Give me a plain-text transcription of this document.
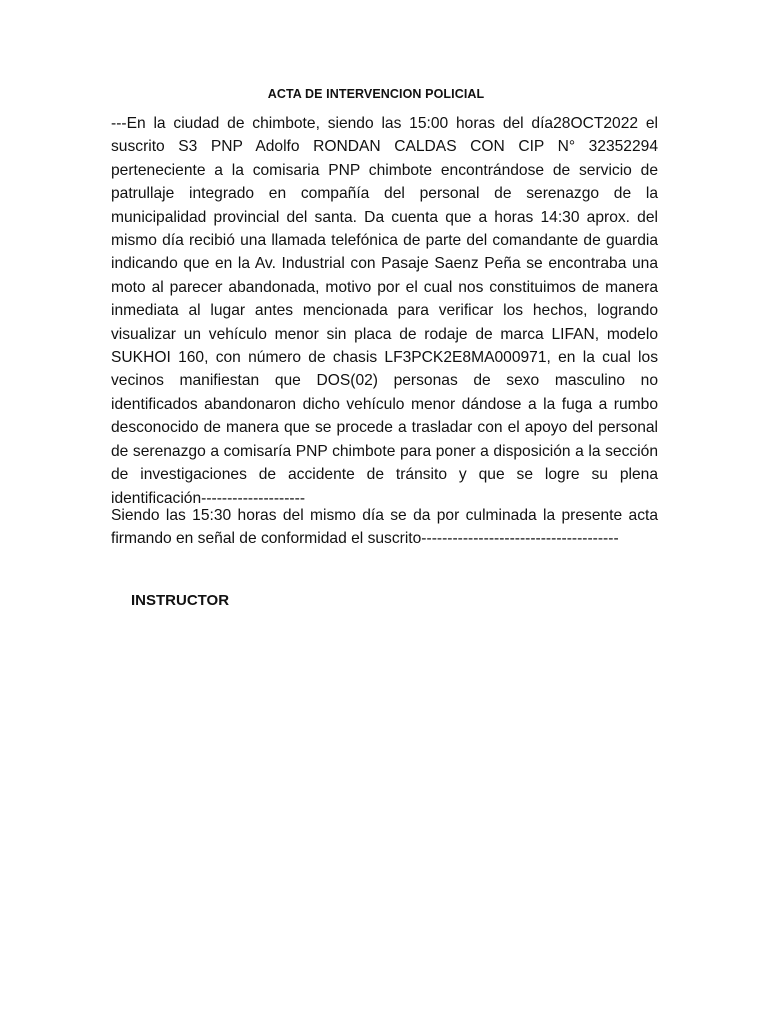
ACTA DE INTERVENCION POLICIAL

---En la ciudad de chimbote, siendo las 15:00 horas del día28OCT2022 el suscrito S3 PNP Adolfo RONDAN CALDAS CON CIP N° 32352294 perteneciente a la comisaria PNP chimbote encontrándose de servicio de patrullaje integrado en compañía del personal de serenazgo de la municipalidad provincial del santa. Da cuenta que a horas 14:30 aprox. del mismo día recibió una llamada telefónica de parte del comandante de guardia indicando que en la Av. Industrial con Pasaje Saenz Peña se encontraba una moto al parecer abandonada, motivo por el cual nos constituimos de manera inmediata al lugar antes mencionada para verificar los hechos, logrando visualizar un vehículo menor sin placa de rodaje de marca LIFAN, modelo SUKHOI 160, con número de chasis LF3PCK2E8MA000971, en la cual los vecinos manifiestan que DOS(02) personas de sexo masculino no identificados abandonaron dicho vehículo menor dándose a la fuga a rumbo desconocido de manera que se procede a trasladar con el apoyo del personal de serenazgo a comisaría PNP chimbote para poner a disposición a la sección de investigaciones de accidente de tránsito y que se logre su plena identificación--------------------

Siendo las 15:30 horas del mismo día se da por culminada la presente acta firmando en señal de conformidad el suscrito--------------------------------------

INSTRUCTOR
